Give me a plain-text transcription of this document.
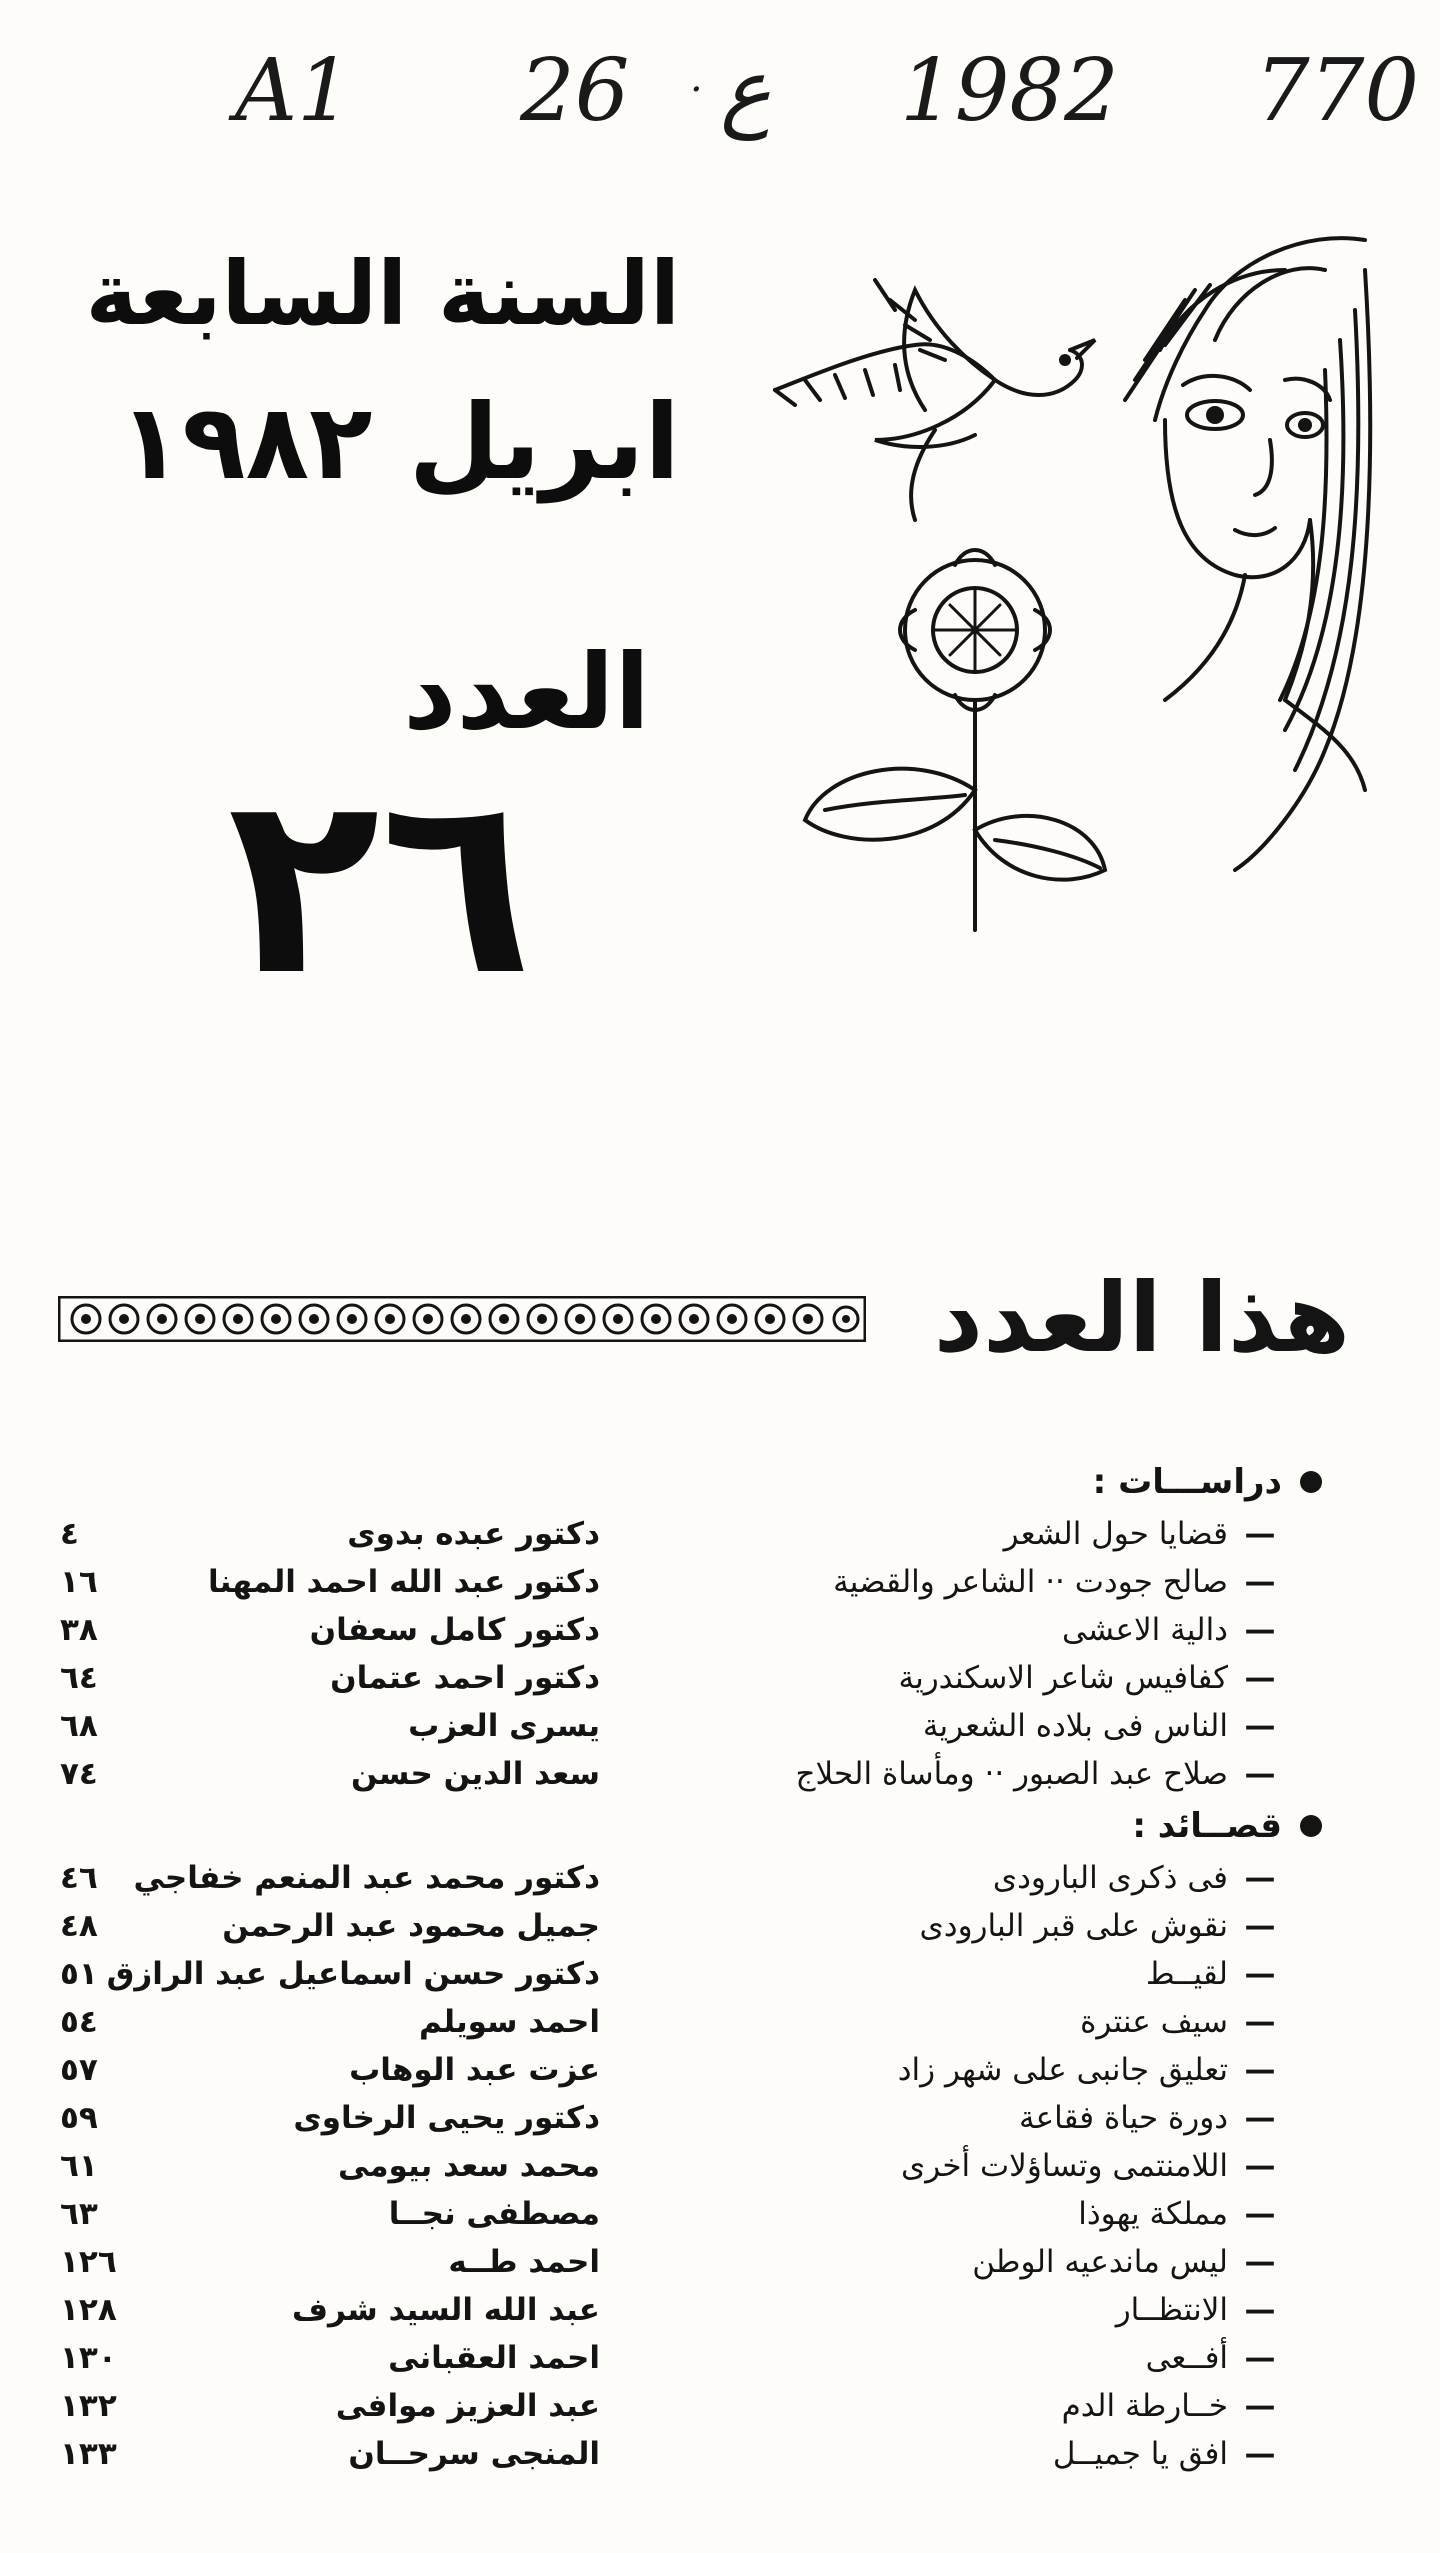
A1 26 · ع 1982 770
السنة السابعة
ابريل ١٩٨٢
العدد
٢٦
هذا العدد
دراســـات :
—
قضايا حول الشعر
دكتور عبده بدوى
٤
—
صالح جودت ·· الشاعر والقضية
دكتور عبد الله احمد المهنا
١٦
—
دالية الاعشى
دكتور كامل سعفان
٣٨
—
كفافيس شاعر الاسكندرية
دكتور احمد عتمان
٦٤
—
الناس فى بلاده الشعرية
يسرى العزب
٦٨
—
صلاح عبد الصبور ·· ومأساة الحلاج
سعد الدين حسن
٧٤
قصــائد :
—
فى ذكرى البارودى
دكتور محمد عبد المنعم خفاجي
٤٦
—
نقوش على قبر البارودى
جميل محمود عبد الرحمن
٤٨
—
لقيــط
دكتور حسن اسماعيل عبد الرازق
٥١
—
سيف عنترة
احمد سويلم
٥٤
—
تعليق جانبى على شهر زاد
عزت عبد الوهاب
٥٧
—
دورة حياة فقاعة
دكتور يحيى الرخاوى
٥٩
—
اللامنتمى وتساؤلات أخرى
محمد سعد بيومى
٦١
—
مملكة يهوذا
مصطفى نجــا
٦٣
—
ليس ماندعيه الوطن
احمد طــه
١٢٦
—
الانتظــار
عبد الله السيد شرف
١٢٨
—
أفــعى
احمد العقبانى
١٣٠
—
خــارطة الدم
عبد العزيز موافى
١٣٢
—
افق يا جميــل
المنجى سرحــان
١٣٣
